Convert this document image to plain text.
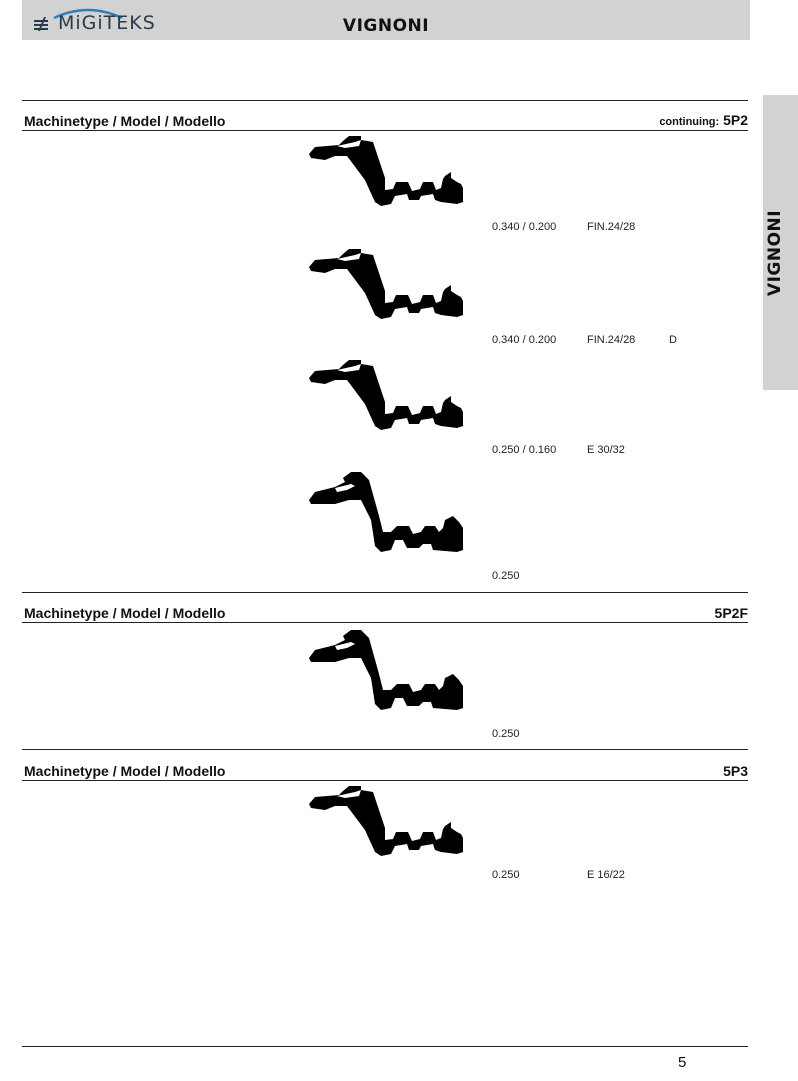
MiGiTEKS	VIGNONI
VIGNONI
Machinetype / Model / Modello	continuing: 5P2
0.340 / 0.200	FIN.24/28
0.340 / 0.200	FIN.24/28	D
0.250 / 0.160	E 30/32
0.250
Machinetype / Model / Modello	5P2F
0.250
Machinetype / Model / Modello	5P3
0.250	E 16/22
5
